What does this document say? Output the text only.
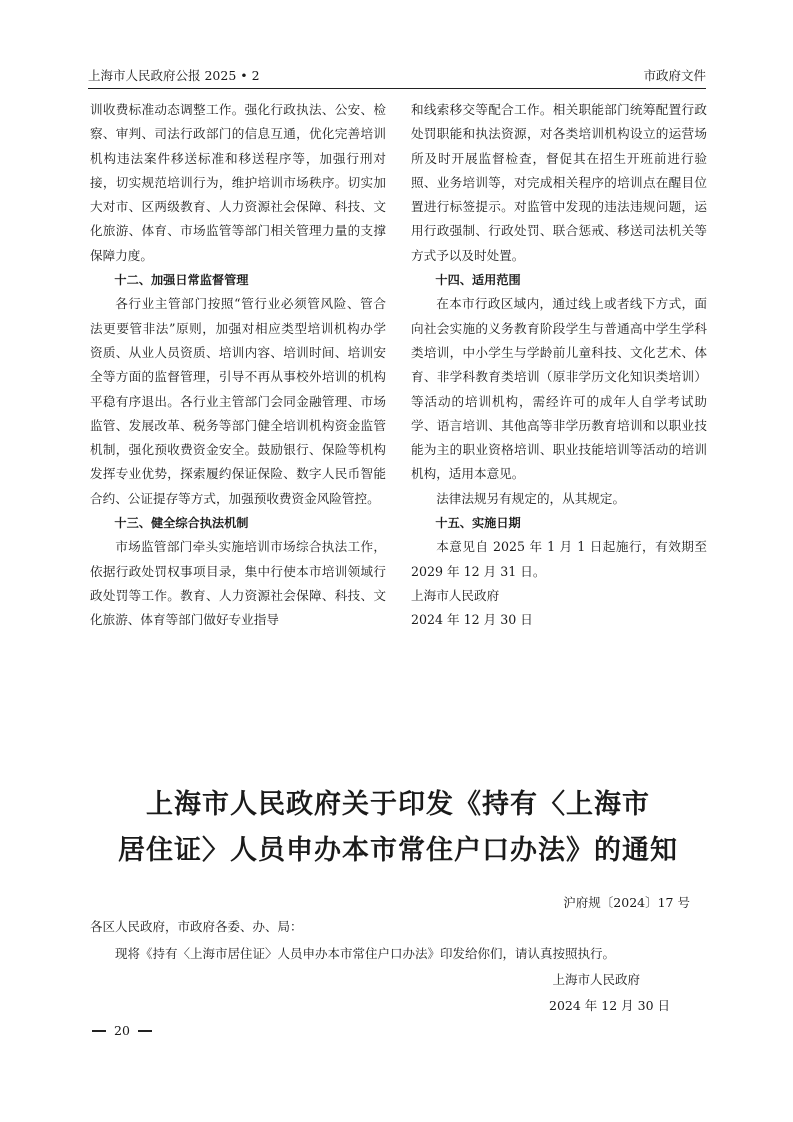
上海市人民政府公报 2025 • 2	市政府文件

训收费标准动态调整工作。强化行政执法、公安、检察、审判、司法行政部门的信息互通，优化完善培训机构违法案件移送标准和移送程序等，加强行刑对接，切实规范培训行为，维护培训市场秩序。切实加大对市、区两级教育、人力资源社会保障、科技、文化旅游、体育、市场监管等部门相关管理力量的支撑保障力度。

十二、加强日常监督管理

各行业主管部门按照“管行业必须管风险、管合法更要管非法”原则，加强对相应类型培训机构办学资质、从业人员资质、培训内容、培训时间、培训安全等方面的监督管理，引导不再从事校外培训的机构平稳有序退出。各行业主管部门会同金融管理、市场监管、发展改革、税务等部门健全培训机构资金监管机制，强化预收费资金安全。鼓励银行、保险等机构发挥专业优势，探索履约保证保险、数字人民币智能合约、公证提存等方式，加强预收费资金风险管控。

十三、健全综合执法机制

市场监管部门牵头实施培训市场综合执法工作，依据行政处罚权事项目录，集中行使本市培训领域行政处罚等工作。教育、人力资源社会保障、科技、文化旅游、体育等部门做好专业指导

和线索移交等配合工作。相关职能部门统筹配置行政处罚职能和执法资源，对各类培训机构设立的运营场所及时开展监督检查，督促其在招生开班前进行验照、业务培训等，对完成相关程序的培训点在醒目位置进行标签提示。对监管中发现的违法违规问题，运用行政强制、行政处罚、联合惩戒、移送司法机关等方式予以及时处置。

十四、适用范围

在本市行政区域内，通过线上或者线下方式，面向社会实施的义务教育阶段学生与普通高中学生学科类培训，中小学生与学龄前儿童科技、文化艺术、体育、非学科教育类培训（原非学历文化知识类培训）等活动的培训机构，需经许可的成年人自学考试助学、语言培训、其他高等非学历教育培训和以职业技能为主的职业资格培训、职业技能培训等活动的培训机构，适用本意见。

法律法规另有规定的，从其规定。

十五、实施日期

本意见自 2025 年 1 月 1 日起施行，有效期至 2029 年 12 月 31 日。

上海市人民政府

2024 年 12 月 30 日

上海市人民政府关于印发《持有〈上海市
居住证〉人员申办本市常住户口办法》的通知
沪府规〔2024〕17 号
各区人民政府，市政府各委、办、局：
现将《持有〈上海市居住证〉人员申办本市常住户口办法》印发给你们，请认真按照执行。
上海市人民政府
2024 年 12 月 30 日
20
